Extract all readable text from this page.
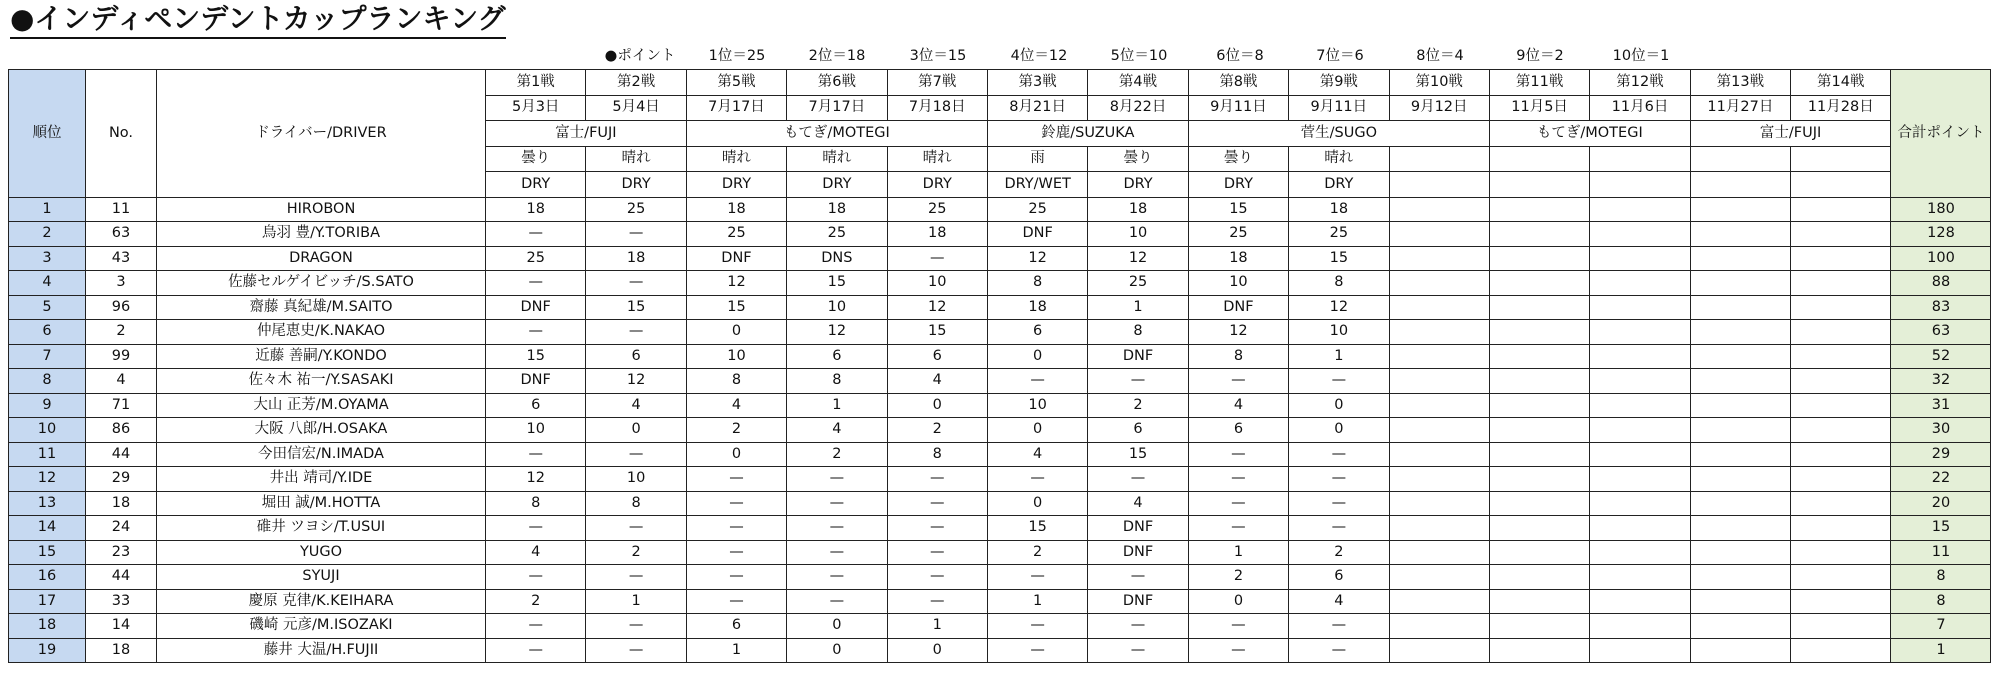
●インディペンデントカップランキング
●ポイント 1位＝25	2位＝18	3位＝15	4位＝12	5位＝10	6位＝8	7位＝6	8位＝4	9位＝2	10位＝1
順位	No.	ドライバー/DRIVER	第1戦	第2戦	第5戦	第6戦	第7戦	第3戦	第4戦	第8戦	第9戦	第10戦	第11戦	第12戦	第13戦	第14戦	合計ポイント
			5月3日	5月4日	7月17日	7月17日	7月18日	8月21日	8月22日	9月11日	9月11日	9月12日	11月5日	11月6日	11月27日	11月28日	
			富士/FUJI		もてぎ/MOTEGI			鈴鹿/SUZUKA		菅生/SUGO			もてぎ/MOTEGI		富士/FUJI		
			曇り	晴れ	晴れ	晴れ	晴れ	雨	曇り	曇り	晴れ						
			DRY	DRY	DRY	DRY	DRY	DRY/WET	DRY	DRY	DRY						
1	11	HIROBON	18	25	18	18	25	25	18	15	18						180
2	63	鳥羽 豊/Y.TORIBA	—	—	25	25	18	DNF	10	25	25						128
3	43	DRAGON	25	18	DNF	DNS	—	12	12	18	15						100
4	3	佐藤セルゲイビッチ/S.SATO	—	—	12	15	10	8	25	10	8						88
5	96	齋藤 真紀雄/M.SAITO	DNF	15	15	10	12	18	1	DNF	12						83
6	2	仲尾恵史/K.NAKAO	—	—	0	12	15	6	8	12	10						63
7	99	近藤 善嗣/Y.KONDO	15	6	10	6	6	0	DNF	8	1						52
8	4	佐々木 祐一/Y.SASAKI	DNF	12	8	8	4	—	—	—	—						32
9	71	大山 正芳/M.OYAMA	6	4	4	1	0	10	2	4	0						31
10	86	大阪 八郎/H.OSAKA	10	0	2	4	2	0	6	6	0						30
11	44	今田信宏/N.IMADA	—	—	0	2	8	4	15	—	—						29
12	29	井出 靖司/Y.IDE	12	10	—	—	—	—	—	—	—						22
13	18	堀田 誠/M.HOTTA	8	8	—	—	—	0	4	—	—						20
14	24	碓井 ツヨシ/T.USUI	—	—	—	—	—	15	DNF	—	—						15
15	23	YUGO	4	2	—	—	—	2	DNF	1	2						11
16	44	SYUJI	—	—	—	—	—	—	—	2	6						8
17	33	慶原 克律/K.KEIHARA	2	1	—	—	—	1	DNF	0	4						8
18	14	磯崎 元彦/M.ISOZAKI	—	—	6	0	1	—	—	—	—						7
19	18	藤井 大温/H.FUJII	—	—	1	0	0	—	—	—	—						1
